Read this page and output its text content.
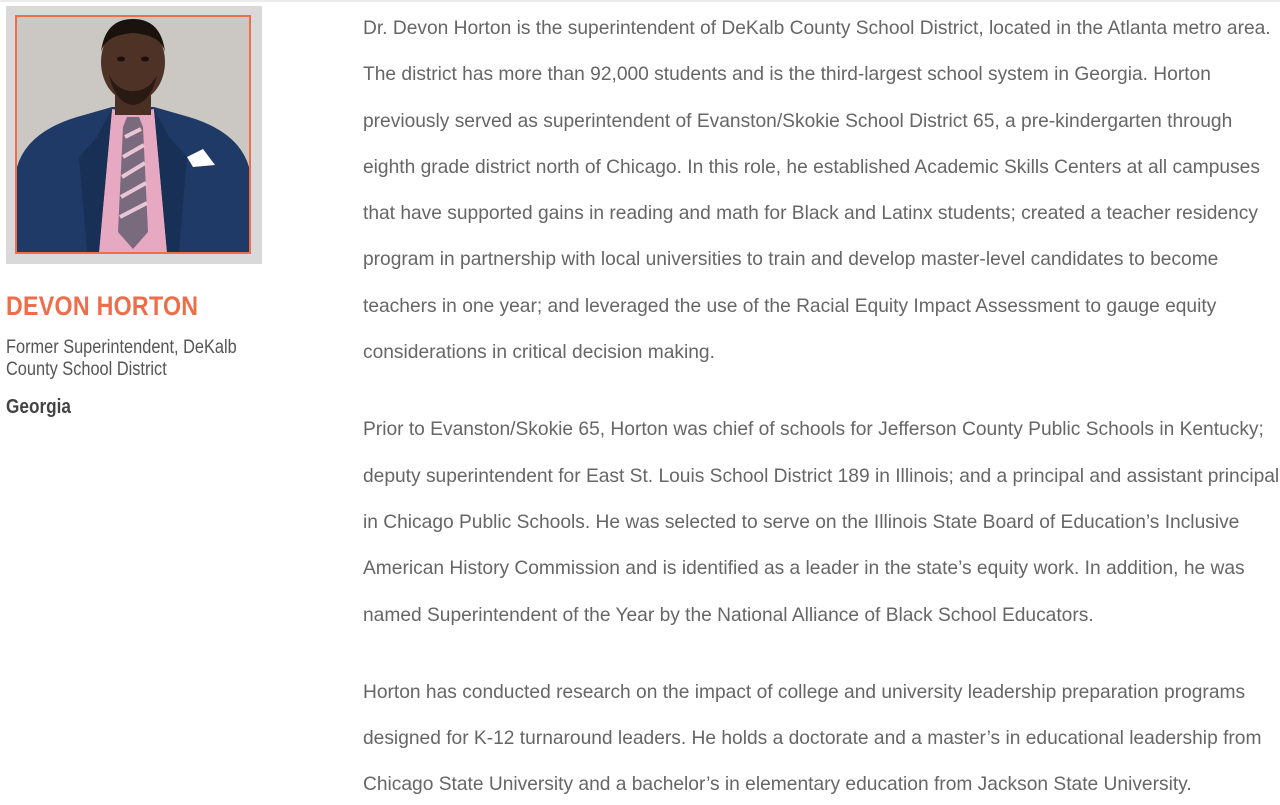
DEVON HORTON
Former Superintendent, DeKalb County School District
Georgia

Dr. Devon Horton is the superintendent of DeKalb County School District, located in the Atlanta metro area.
The district has more than 92,000 students and is the third-largest school system in Georgia. Horton
previously served as superintendent of Evanston/Skokie School District 65, a pre-kindergarten through
eighth grade district north of Chicago. In this role, he established Academic Skills Centers at all campuses
that have supported gains in reading and math for Black and Latinx students; created a teacher residency
program in partnership with local universities to train and develop master-level candidates to become
teachers in one year; and leveraged the use of the Racial Equity Impact Assessment to gauge equity
considerations in critical decision making.

Prior to Evanston/Skokie 65, Horton was chief of schools for Jefferson County Public Schools in Kentucky;
deputy superintendent for East St. Louis School District 189 in Illinois; and a principal and assistant principal
in Chicago Public Schools. He was selected to serve on the Illinois State Board of Education’s Inclusive
American History Commission and is identified as a leader in the state’s equity work. In addition, he was
named Superintendent of the Year by the National Alliance of Black School Educators.

Horton has conducted research on the impact of college and university leadership preparation programs
designed for K-12 turnaround leaders. He holds a doctorate and a master’s in educational leadership from
Chicago State University and a bachelor’s in elementary education from Jackson State University.
